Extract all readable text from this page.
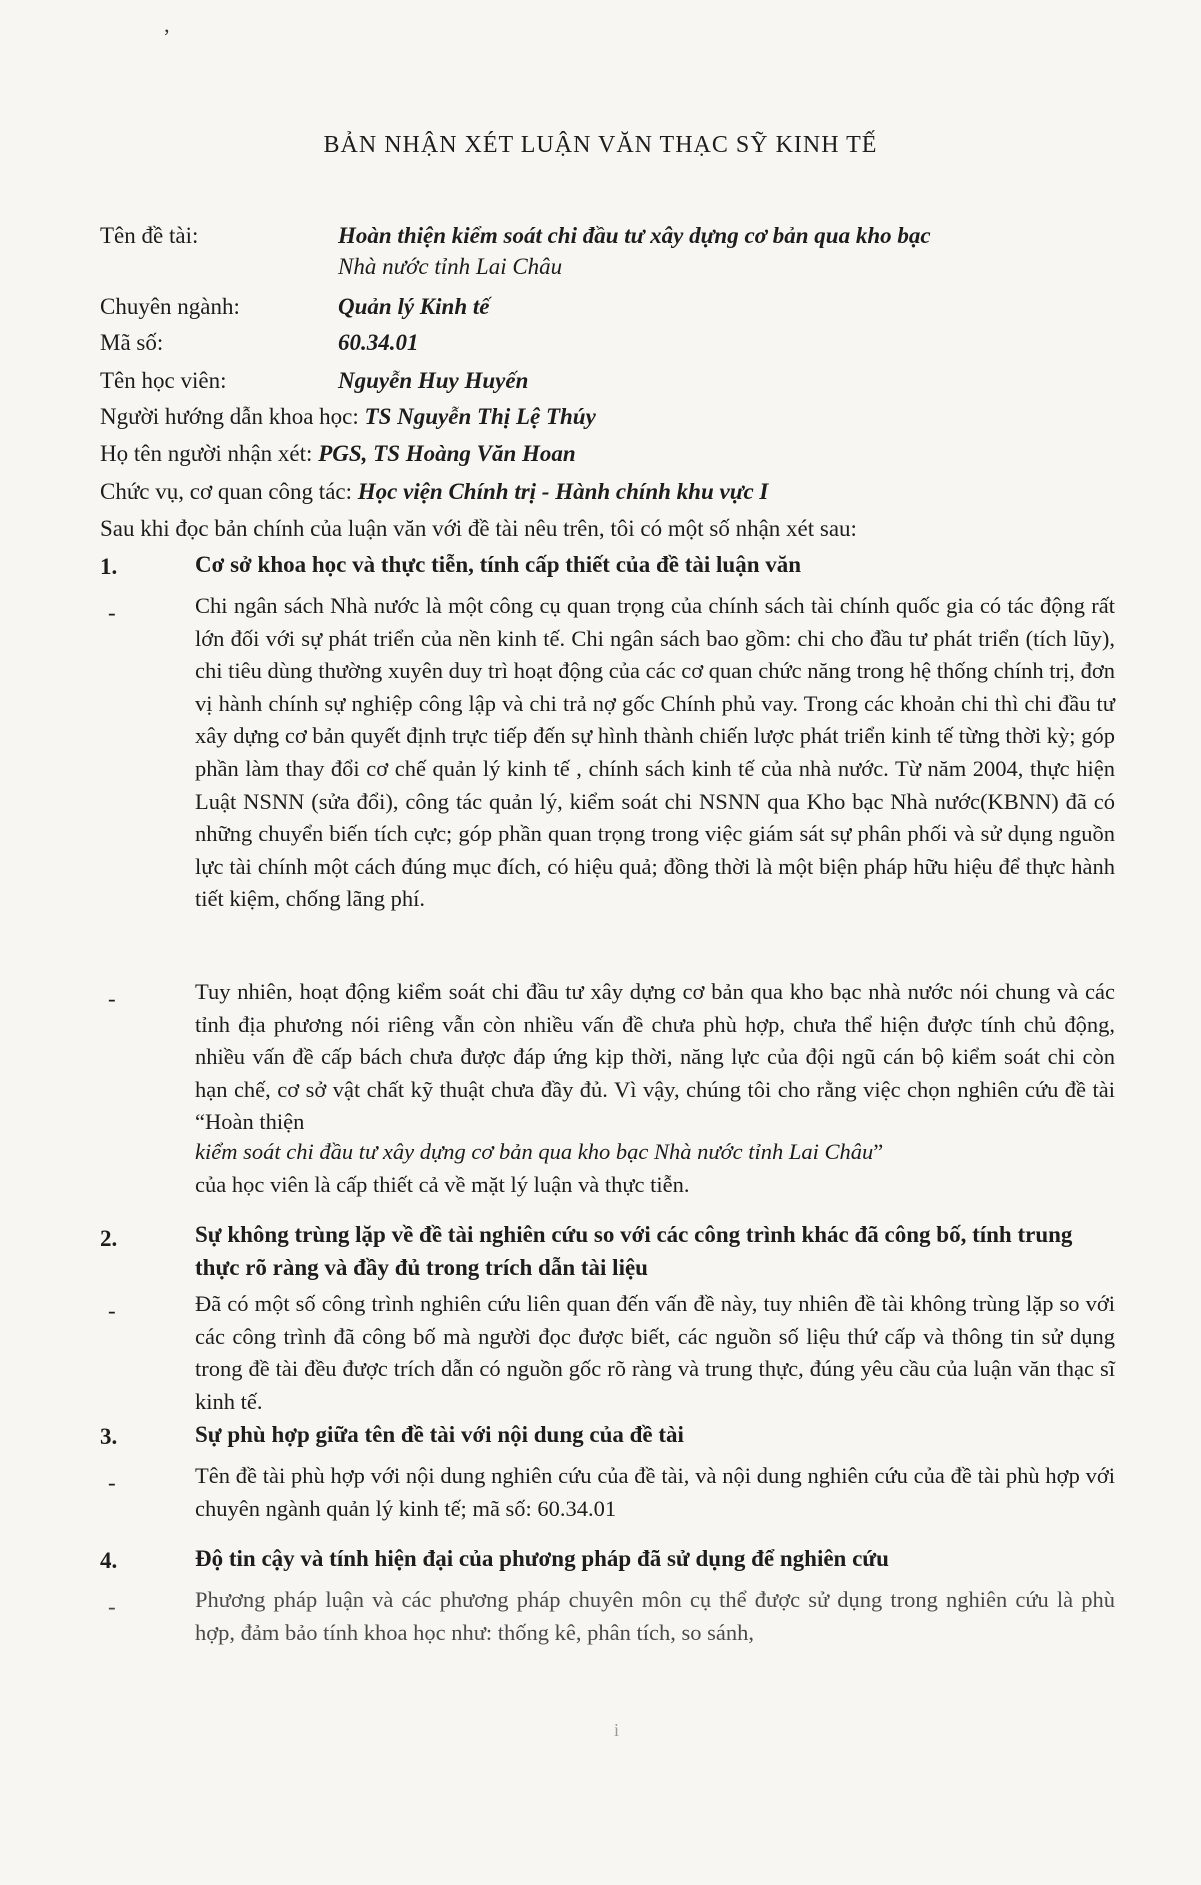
‚
BẢN NHẬN XÉT LUẬN VĂN THẠC SỸ KINH TẾ
Tên đề tài:	Hoàn thiện kiểm soát chi đầu tư xây dựng cơ bản qua kho bạc
Nhà nước tỉnh Lai Châu
Chuyên ngành:	Quản lý Kinh tế
Mã số:	60.34.01
Tên học viên:	Nguyễn Huy Huyến
Người hướng dẫn khoa học: TS Nguyễn Thị Lệ Thúy
Họ tên người nhận xét: PGS, TS Hoàng Văn Hoan
Chức vụ, cơ quan công tác: Học viện Chính trị - Hành chính khu vực I
Sau khi đọc bản chính của luận văn với đề tài nêu trên, tôi có một số nhận xét sau:
1.	Cơ sở khoa học và thực tiễn, tính cấp thiết của đề tài luận văn
-	Chi ngân sách Nhà nước là một công cụ quan trọng của chính sách tài chính quốc gia có tác động rất lớn đối với sự phát triển của nền kinh tế. Chi ngân sách bao gồm: chi cho đầu tư phát triển (tích lũy), chi tiêu dùng thường xuyên duy trì hoạt động của các cơ quan chức năng trong hệ thống chính trị, đơn vị hành chính sự nghiệp công lập và chi trả nợ gốc Chính phủ vay. Trong các khoản chi thì chi đầu tư xây dựng cơ bản quyết định trực tiếp đến sự hình thành chiến lược phát triển kinh tế từng thời kỳ; góp phần làm thay đổi cơ chế quản lý kinh tế , chính sách kinh tế của nhà nước. Từ năm 2004, thực hiện Luật NSNN (sửa đổi), công tác quản lý, kiểm soát chi NSNN qua Kho bạc Nhà nước(KBNN) đã có những chuyển biến tích cực; góp phần quan trọng trong việc giám sát sự phân phối và sử dụng nguồn lực tài chính một cách đúng mục đích, có hiệu quả; đồng thời là một biện pháp hữu hiệu để thực hành tiết kiệm, chống lãng phí.

-	Tuy nhiên, hoạt động kiểm soát chi đầu tư xây dựng cơ bản qua kho bạc nhà nước nói chung và các tỉnh địa phương nói riêng vẫn còn nhiều vấn đề chưa phù hợp, chưa thể hiện được tính chủ động, nhiều vấn đề cấp bách chưa được đáp ứng kịp thời, năng lực của đội ngũ cán bộ kiểm soát chi còn hạn chế, cơ sở vật chất kỹ thuật chưa đầy đủ. Vì vậy, chúng tôi cho rằng việc chọn nghiên cứu đề tài “Hoàn thiện

kiểm soát chi đầu tư xây dựng cơ bản qua kho bạc Nhà nước tỉnh Lai Châu”
của học viên là cấp thiết cả về mặt lý luận và thực tiễn.
2.	Sự không trùng lặp về đề tài nghiên cứu so với các công trình khác đã công bố, tính trung thực rõ ràng và đầy đủ trong trích dẫn tài liệu
-	Đã có một số công trình nghiên cứu liên quan đến vấn đề này, tuy nhiên đề tài không trùng lặp so với các công trình đã công bố mà người đọc được biết, các nguồn số liệu thứ cấp và thông tin sử dụng trong đề tài đều được trích dẫn có nguồn gốc rõ ràng và trung thực, đúng yêu cầu của luận văn thạc sĩ kinh tế.

3.	Sự phù hợp giữa tên đề tài với nội dung của đề tài
-	Tên đề tài phù hợp với nội dung nghiên cứu của đề tài, và nội dung nghiên cứu của đề tài phù hợp với chuyên ngành quản lý kinh tế; mã số: 60.34.01

4.	Độ tin cậy và tính hiện đại của phương pháp đã sử dụng để nghiên cứu
-	Phương pháp luận và các phương pháp chuyên môn cụ thể được sử dụng trong nghiên cứu là phù hợp, đảm bảo tính khoa học như: thống kê, phân tích, so sánh,

i
